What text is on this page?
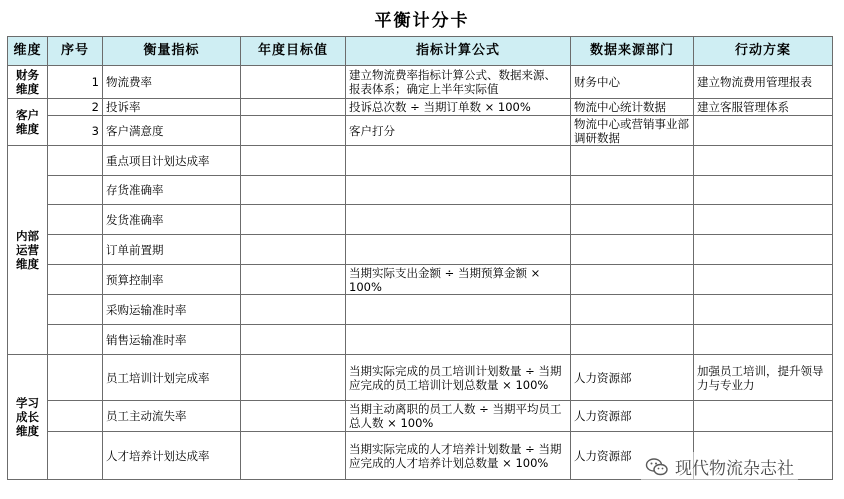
平衡计分卡
维度	序号	衡量指标	年度目标值	指标计算公式	数据来源部门	行动方案
财务维度	1	物流费率		建立物流费率指标计算公式、数据来源、报表体系；确定上半年实际值	财务中心	建立物流费用管理报表
客户维度	2	投诉率		投诉总次数 ÷ 当期订单数 × 100%	物流中心统计数据	建立客服管理体系
	3	客户满意度		客户打分	物流中心或营销事业部调研数据	
内部运营维度		重点项目计划达成率				
		存货准确率				
		发货准确率				
		订单前置期				
		预算控制率		当期实际支出金额 ÷ 当期预算金额 × 100%		
		采购运输准时率				
		销售运输准时率				
学习成长维度		员工培训计划完成率		当期实际完成的员工培训计划数量 ÷ 当期应完成的员工培训计划总数量 × 100%	人力资源部	加强员工培训，提升领导力与专业力
		员工主动流失率		当期主动离职的员工人数 ÷ 当期平均员工总人数 × 100%	人力资源部	
		人才培养计划达成率		当期实际完成的人才培养计划数量 ÷ 当期应完成的人才培养计划总数量 × 100%	人力资源部	
现代物流杂志社
